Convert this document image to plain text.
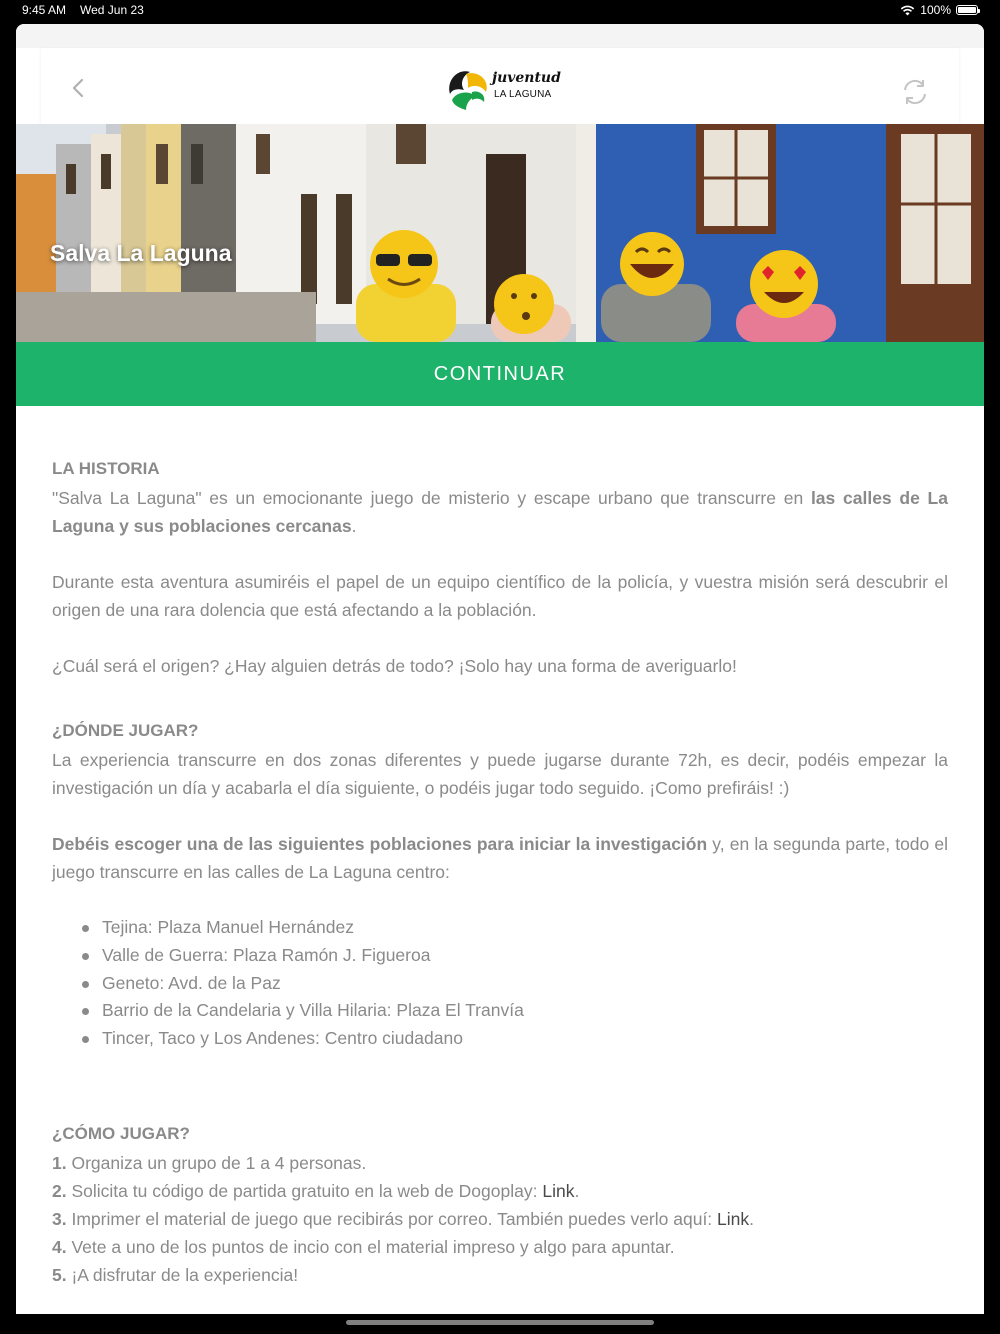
9:45 AM Wed Jun 23	100%
juventud
LA LAGUNA
Salva La Laguna
CONTINUAR
LA HISTORIA

"Salva La Laguna" es un emocionante juego de misterio y escape urbano que transcurre en las calles de La Laguna y sus poblaciones cercanas.

Durante esta aventura asumiréis el papel de un equipo científico de la policía, y vuestra misión será descubrir el origen de una rara dolencia que está afectando a la población.

¿Cuál será el origen? ¿Hay alguien detrás de todo? ¡Solo hay una forma de averiguarlo!

¿DÓNDE JUGAR?

La experiencia transcurre en dos zonas diferentes y puede jugarse durante 72h, es decir, podéis empezar la investigación un día y acabarla el día siguiente, o podéis jugar todo seguido. ¡Como prefiráis! :)

Debéis escoger una de las siguientes poblaciones para iniciar la investigación y, en la segunda parte, todo el juego transcurre en las calles de La Laguna centro:

Tejina: Plaza Manuel Hernández
Valle de Guerra: Plaza Ramón J. Figueroa
Geneto: Avd. de la Paz
Barrio de la Candelaria y Villa Hilaria: Plaza El Tranvía
Tincer, Taco y Los Andenes: Centro ciudadano

¿CÓMO JUGAR?

1. Organiza un grupo de 1 a 4 personas.

2. Solicita tu código de partida gratuito en la web de Dogoplay: Link.

3. Imprimer el material de juego que recibirás por correo. También puedes verlo aquí: Link.

4. Vete a uno de los puntos de incio con el material impreso y algo para apuntar.

5. ¡A disfrutar de la experiencia!
